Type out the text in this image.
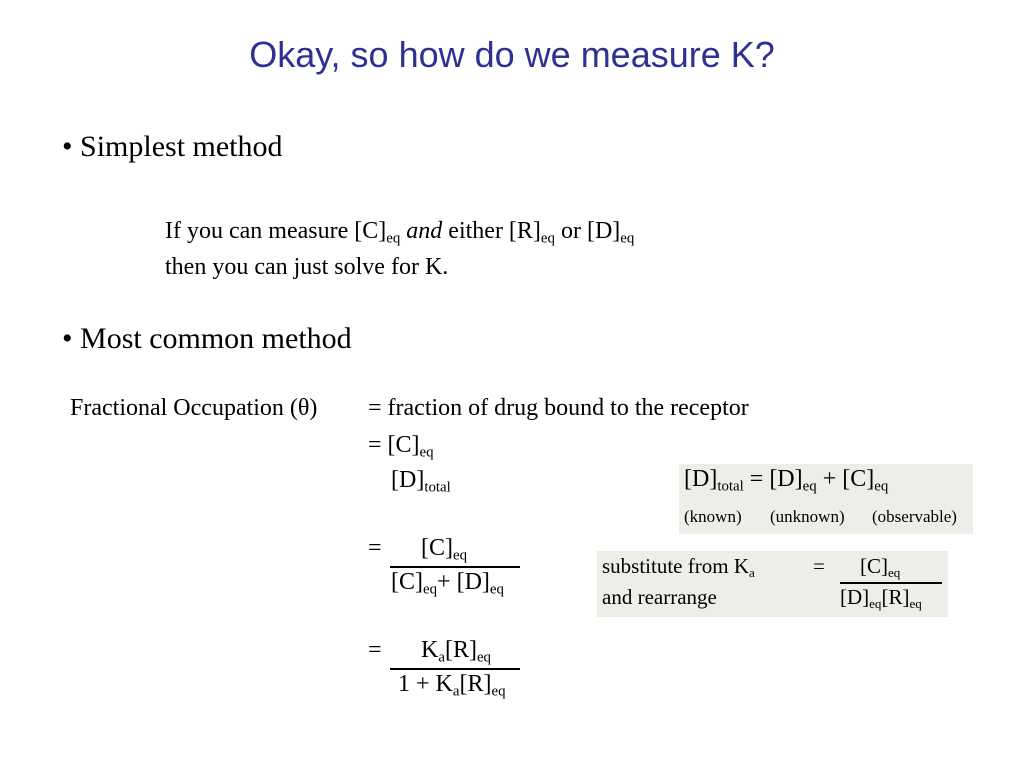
Okay, so how do we measure K?
• Simplest method
If you can measure $[C]_{eq}$ and either $[R]_{eq}$ or $[D]_{eq}$
then you can just solve for K.
• Most common method
Fractional Occupation (θ) = fraction of drug bound to the receptor
= $[C]_{eq}$
$[D]_{total}$
= $[C]_{eq}$
$[C]_{eq}+ [D]_{eq}$
= $K_a[R]_{eq}$
$1 + K_a[R]_{eq}$
$[D]_{total} = [D]_{eq} + [C]_{eq}$
(known) (unknown) (observable)
substitute from $K_a$
and rearrange
= $[C]_{eq}$
$[D]_{eq}[R]_{eq}$
